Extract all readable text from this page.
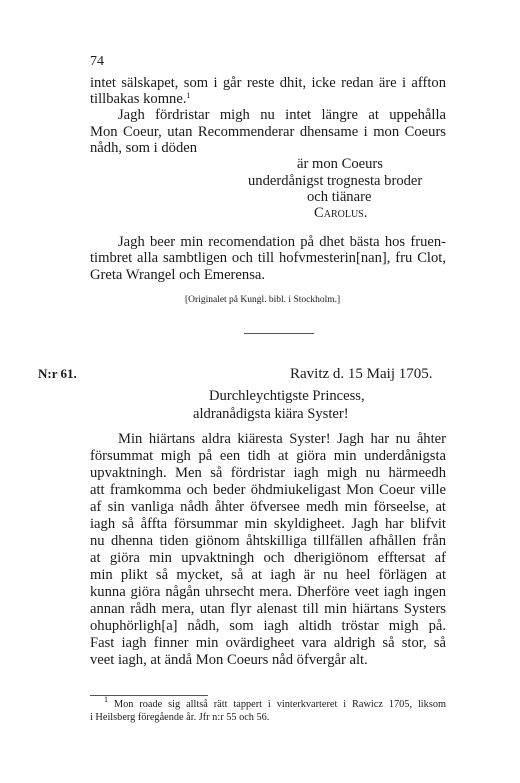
74
intet sälskapet, som i går reste dhit, icke redan äre i affton
tillbakas komne.$^1$
Jagh fördristar migh nu intet längre at uppehålla
Mon Coeur, utan Recommenderar dhensame i mon Coeurs
nådh, som i döden
är mon Coeurs
underdånigst trognesta broder
och tiänare
Carolus.
Jagh beer min recomendation på dhet bästa hos fruen-
timbret alla sambtligen och till hofvmesterin[nan], fru Clot,
Greta Wrangel och Emerensa.
[Originalet på Kungl. bibl. i Stockholm.]
N:r 61.	Ravitz d. 15 Maij 1705.
Durchleychtigste Princess,
aldranådigsta kiära Syster!
Min hiärtans aldra kiäresta Syster! Jagh har nu åhter
försummat migh på een tidh at giöra min underdånigsta
upvaktningh. Men så fördristar iagh migh nu härmeedh
att framkomma och beder öhdmiukeligast Mon Coeur ville
af sin vanliga nådh åhter öfversee medh min förseelse, at
iagh så åffta försummar min skyldigheet. Jagh har blifvit
nu dhenna tiden giönom åhtskilliga tillfällen afhållen från
at giöra min upvaktningh och dherigiönom efftersat af
min plikt så mycket, så at iagh är nu heel förlägen at
kunna giöra någån uhrsecht mera. Dherföre veet iagh ingen
annan rådh mera, utan flyr alenast till min hiärtans Systers
ohuphörligh[a] nådh, som iagh altidh tröstar migh på.
Fast iagh finner min ovärdigheet vara aldrigh så stor, så
veet iagh, at ändå Mon Coeurs nåd öfvergår alt.
$^1$ Mon roade sig alltså rätt tappert i vinterkvarteret i Rawicz 1705, liksom
i Heilsberg föregående år. Jfr n:r 55 och 56.
